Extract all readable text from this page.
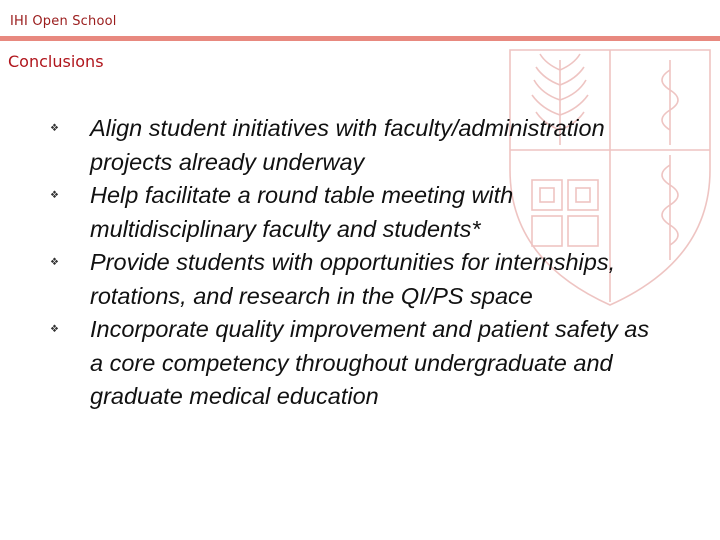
IHI Open School
Conclusions
❖	Align student initiatives with faculty/administration projects already underway
❖	Help facilitate a round table meeting with multidisciplinary faculty and students*
❖	Provide students with opportunities for internships, rotations, and research in the QI/PS space
❖	Incorporate quality improvement and patient safety as a core competency throughout undergraduate and graduate medical education
